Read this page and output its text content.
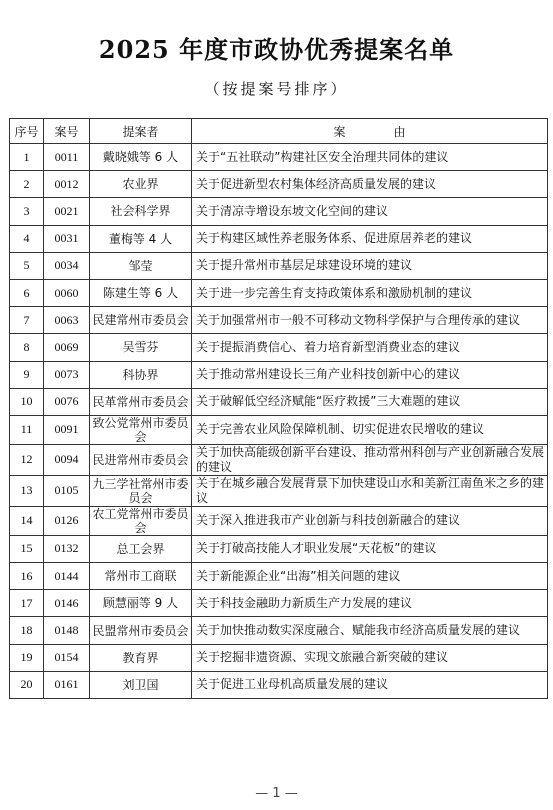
2025 年度市政协优秀提案名单
（按提案号排序）
序号	案号	提案者	案　　　　由
1	0011	戴晓娥等 6 人	关于“五社联动”构建社区安全治理共同体的建议
2	0012	农业界	关于促进新型农村集体经济高质量发展的建议
3	0021	社会科学界	关于清凉寺增设东坡文化空间的建议
4	0031	董梅等 4 人	关于构建区域性养老服务体系、促进原居养老的建议
5	0034	邹莹	关于提升常州市基层足球建设环境的建议
6	0060	陈建生等 6 人	关于进一步完善生育支持政策体系和激励机制的建议
7	0063	民建常州市委员会	关于加强常州市一般不可移动文物科学保护与合理传承的建议
8	0069	吴雪芬	关于提振消费信心、着力培育新型消费业态的建议
9	0073	科协界	关于推动常州建设长三角产业科技创新中心的建议
10	0076	民革常州市委员会	关于破解低空经济赋能“医疗救援”三大难题的建议
11	0091	致公党常州市委员会	关于完善农业风险保障机制、切实促进农民增收的建议
12	0094	民进常州市委员会	关于加快高能级创新平台建设、推动常州科创与产业创新融合发展的建议
13	0105	九三学社常州市委员会	关于在城乡融合发展背景下加快建设山水和美新江南鱼米之乡的建议
14	0126	农工党常州市委员会	关于深入推进我市产业创新与科技创新融合的建议
15	0132	总工会界	关于打破高技能人才职业发展“天花板”的建议
16	0144	常州市工商联	关于新能源企业“出海”相关问题的建议
17	0146	顾慧丽等 9 人	关于科技金融助力新质生产力发展的建议
18	0148	民盟常州市委员会	关于加快推动数实深度融合、赋能我市经济高质量发展的建议
19	0154	教育界	关于挖掘非遗资源、实现文旅融合新突破的建议
20	0161	刘卫国	关于促进工业母机高质量发展的建议
— 1 —
